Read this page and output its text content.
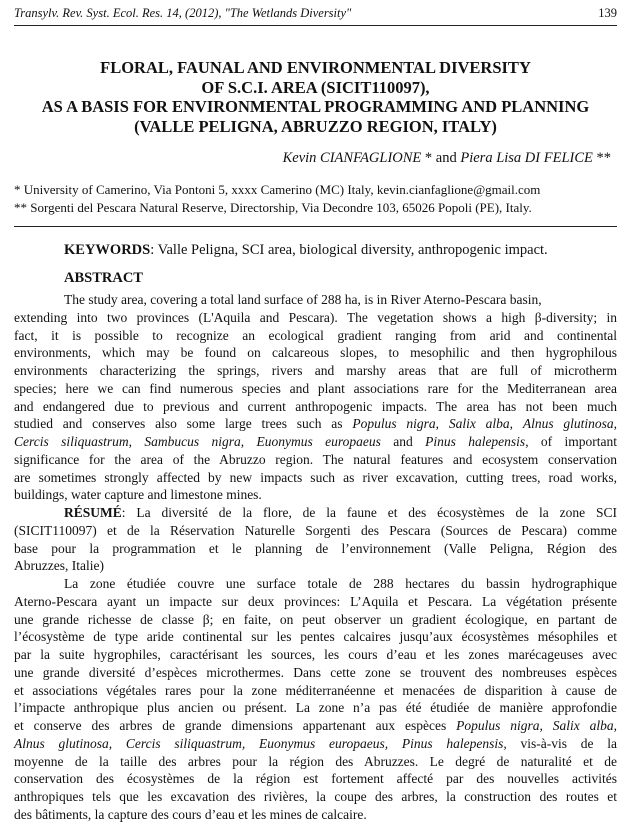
Transylv. Rev. Syst. Ecol. Res. 14, (2012), "The Wetlands Diversity"	139
FLORAL, FAUNAL AND ENVIRONMENTAL DIVERSITY
OF S.C.I. AREA (SICIT110097),
AS A BASIS FOR ENVIRONMENTAL PROGRAMMING AND PLANNING
(VALLE PELIGNA, ABRUZZO REGION, ITALY)
Kevin CIANFAGLIONE * and Piera Lisa DI FELICE **
* University of Camerino, Via Pontoni 5, xxxx Camerino (MC) Italy, kevin.cianfaglione@gmail.com
** Sorgenti del Pescara Natural Reserve, Directorship, Via Decondre 103, 65026 Popoli (PE), Italy.
KEYWORDS: Valle Peligna, SCI area, biological diversity, anthropogenic impact.
ABSTRACT
The study area, covering a total land surface of 288 ha, is in River Aterno-Pescara basin,
extending into two provinces (L'Aquila and Pescara). The vegetation shows a high β-diversity; in
fact, it is possible to recognize an ecological gradient ranging from arid and continental
environments, which may be found on calcareous slopes, to mesophilic and then hygrophilous
environments characterizing the springs, rivers and marshy areas that are full of microtherm
species; here we can find numerous species and plant associations rare for the Mediterranean area
and endangered due to previous and current anthropogenic impacts. The area has not been much
studied and conserves also some large trees such as Populus nigra, Salix alba, Alnus glutinosa,
Cercis siliquastrum, Sambucus nigra, Euonymus europaeus and Pinus halepensis, of important
significance for the area of the Abruzzo region. The natural features and ecosystem conservation
are sometimes strongly affected by new impacts such as river excavation, cutting trees, road works,
buildings, water capture and limestone mines.
RÉSUMÉ: La diversité de la flore, de la faune et des écosystèmes de la zone SCI
(SICIT110097) et de la Réservation Naturelle Sorgenti des Pescara (Sources de Pescara) comme
base pour la programmation et le planning de l’environnement (Valle Peligna, Région des
Abruzzes, Italie)
La zone étudiée couvre une surface totale de 288 hectares du bassin hydrographique
Aterno-Pescara ayant un impacte sur deux provinces: L’Aquila et Pescara. La végétation présente
une grande richesse de classe β; en faite, on peut observer un gradient écologique, en partant de
l’écosystème de type aride continental sur les pentes calcaires jusqu’aux écosystèmes mésophiles et
par la suite hygrophiles, caractérisant les sources, les cours d’eau et les zones marécageuses avec
une grande diversité d’espèces microthermes. Dans cette zone se trouvent des nombreuses espèces
et associations végétales rares pour la zone méditerranéenne et menacées de disparition à cause de
l’impacte anthropique plus ancien ou présent. La zone n’a pas été étudiée de manière approfondie
et conserve des arbres de grande dimensions appartenant aux espèces Populus nigra, Salix alba,
Alnus glutinosa, Cercis siliquastrum, Euonymus europaeus, Pinus halepensis, vis-à-vis de la
moyenne de la taille des arbres pour la région des Abruzzes. Le degré de naturalité et de
conservation des écosystèmes de la région est fortement affecté par des nouvelles activités
anthropiques tels que les excavation des rivières, la coupe des arbres, la construction des routes et
des bâtiments, la capture des cours d’eau et les mines de calcaire.
